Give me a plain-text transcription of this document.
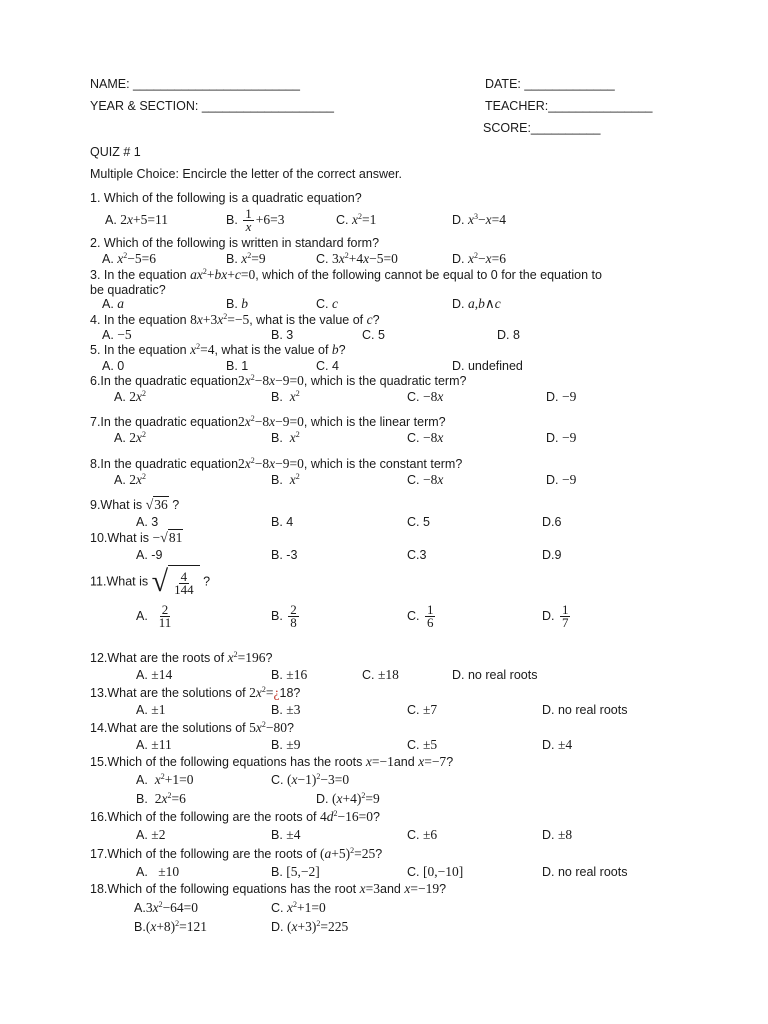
NAME: ________________________	DATE: _____________
YEAR & SECTION: ___________________	TEACHER:_______________
SCORE:__________
QUIZ # 1
Multiple Choice: Encircle the letter of the correct answer.
1. Which of the following is a quadratic equation?
A. 2x+5=11	B. $\frac{1}{x} +6=3$	C. $x^2=1$	D. $x^3-x=4$
2. Which of the following is written in standard form?
A. $x^2-5=6$	B. $x^2=9$	C. $3x^2+4x-5=0$	D. $x^2-x=6$
3. In the equation $ax^2+bx+c=0$, which of the following cannot be equal to 0 for the equation to
be quadratic?
A. a	B. b	C. c	D. a,b∧c
4. In the equation $8x+3x^2=-5$, what is the value of c?
A. −5	B. 3	C. 5	D. 8
5. In the equation $x^2=4$, what is the value of b?
A. 0	B. 1	C. 4	D. undefined
6.In the quadratic $equation2x^2-8x-9=0$, which is the quadratic term?
A. $2x^2$	B.  $x^2$	C. −8x	D. −9
7.In the quadratic $equation2x^2-8x-9=0$, which is the linear term?
A. $2x^2$	B.  $x^2$	C. −8x	D. −9
8.In the quadratic $equation2x^2-8x-9=0$, which is the constant term?
A. $2x^2$	B.  $x^2$	C. −8x	D. −9
9.What is √36 ?
A. 3	B. 4	C. 5	D.6
10.What is −√81
A. -9	B. -3	C.3	D.9
11.What is √ $\frac{4}{144}$ ?
A. $\frac{2}{11}$	B. $\frac{2}{8}$	C. $\frac{1}{6}$	D. $\frac{1}{7}$
12.What are the roots of $x^2=196$?
A. ±14	B. ±16	C. ±18	D. no real roots
13.What are the solutions of $2x^2=¿18$?
A. ±1	B. ±3	C. ±7	D. no real roots
14.What are the solutions of $5x^2-80$?
A. ±11	B. ±9	C. ±5	D. ±4
15.Which of the following equations has the roots x=−1and x=−7?
A.  $x^2+1=0$	C. $(x-1)^2-3=0$
B.  $2x^2=6$	D. $(x+4)^2=9$
16.Which of the following are the roots of $4d^2-16=0$?
A. ±2	B. ±4	C. ±6	D. ±8
17.Which of the following are the roots of $(a+5)^2=25$?
A.   ±10	B. [5,−2]	C. [0,−10]	D. no real roots
18.Which of the following equations has the root x=3and x=−19?
$A.3x^2-64=0$	C. $x^2+1=0$
$B.(x+8)^2=121$	D. $(x+3)^2=225$
